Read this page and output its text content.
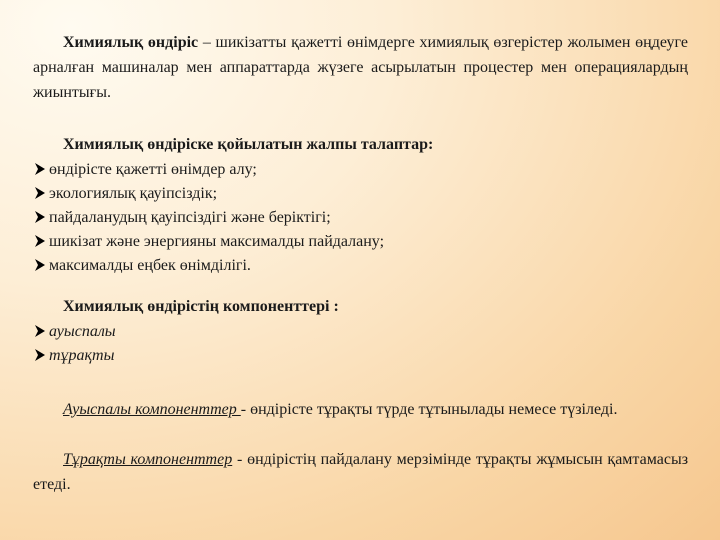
Химиялық өндіріс – шикізатты қажетті өнімдерге химиялық өзгерістер жолымен өңдеуге арналған машиналар мен аппараттарда жүзеге асырылатын процестер мен операциялардың жиынтығы.

Химиялық өндіріске қойылатын жалпы талаптар:
өндірісте қажетті өнімдер алу;
экологиялық қауіпсіздік;
пайдаланудың қауіпсіздігі және беріктігі;
шикізат және энергияны максималды пайдалану;
максималды еңбек өнімділігі.
Химиялық өндірістің компоненттері :
ауыспалы
тұрақты

Ауыспалы компоненттер - өндірісте тұрақты түрде тұтынылады немесе түзіледі.

Тұрақты компоненттер - өндірістің пайдалану мерзімінде тұрақты жұмысын қамтамасыз етеді.
